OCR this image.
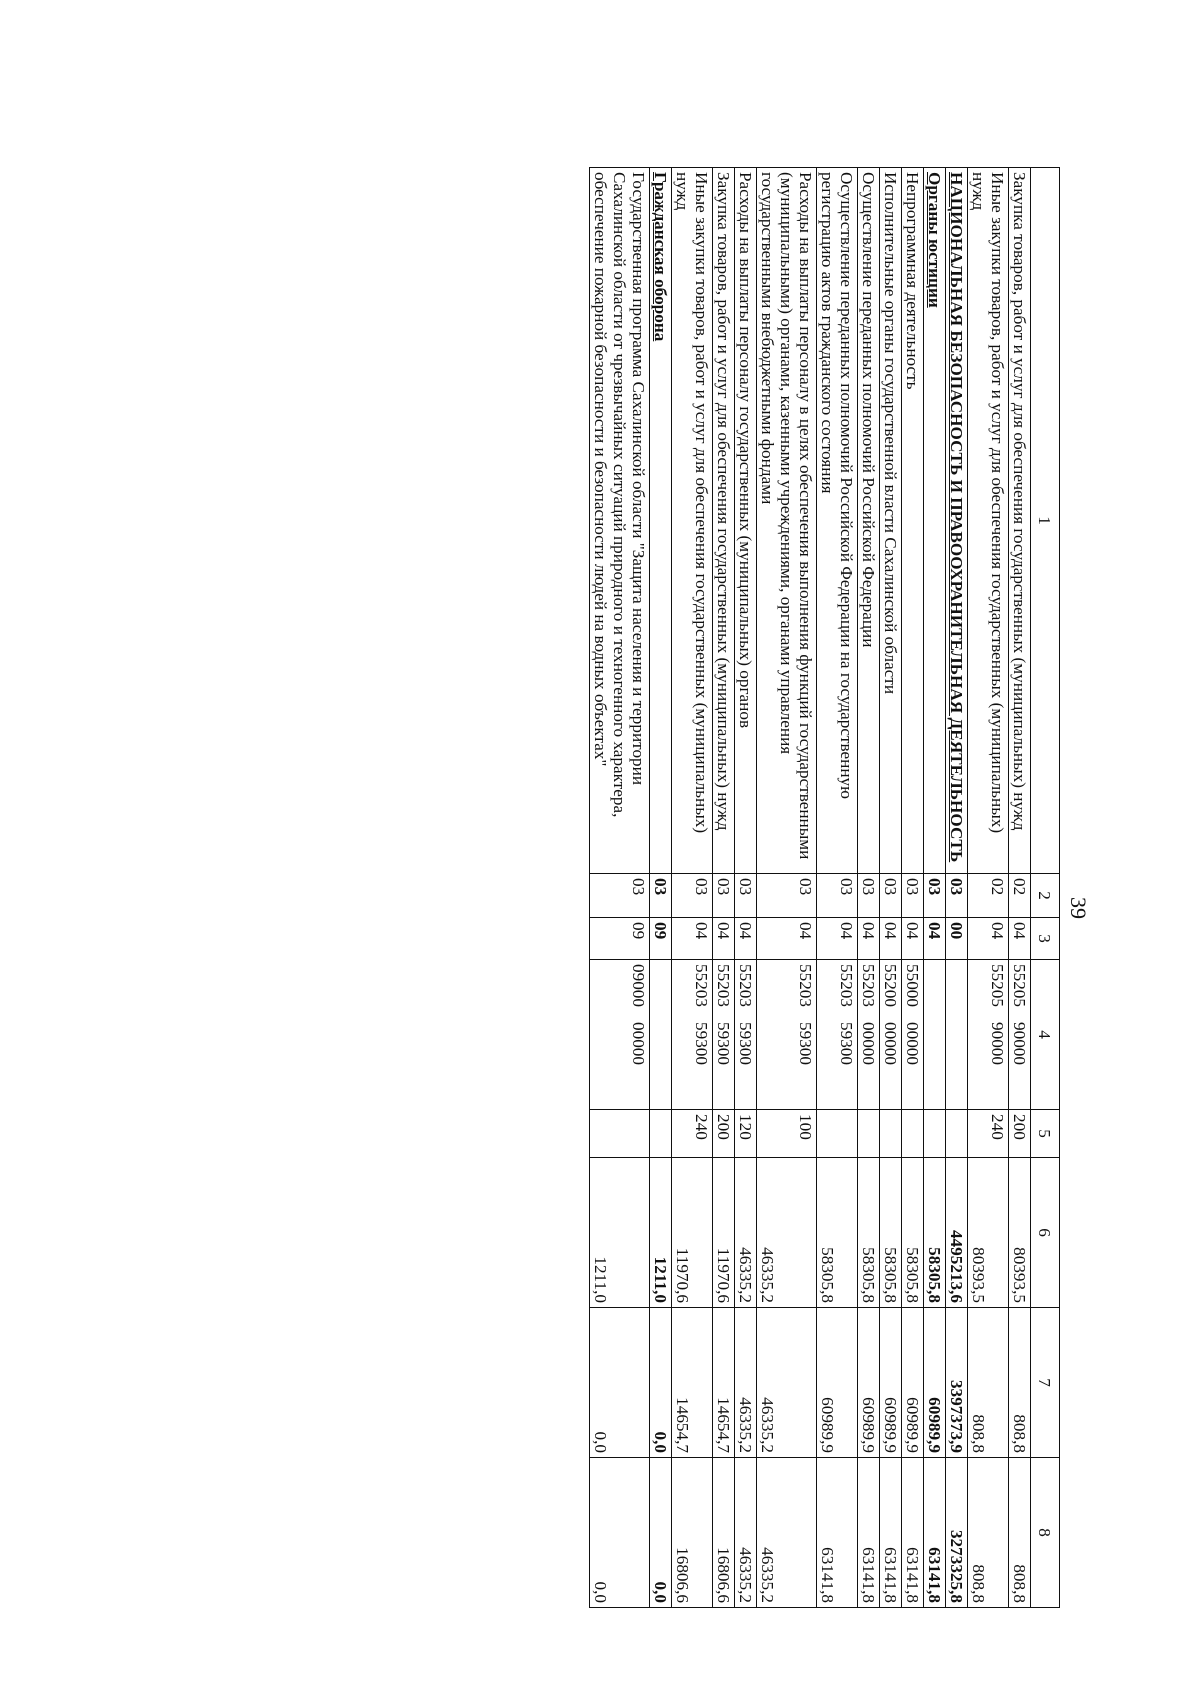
39
1	2	3	4	5	6	7	8
Закупка товаров, работ и услуг для обеспечения государственных (муниципальных) нужд	02	04	5520590000	200	80393,5	808,8	808,8
Иные закупки товаров, работ и услуг для обеспечения государственных (муниципальных) нужд	02	04	5520590000	240	80393,5	808,8	808,8
НАЦИОНАЛЬНАЯ БЕЗОПАСНОСТЬ И ПРАВООХРАНИТЕЛЬНАЯ ДЕЯТЕЛЬНОСТЬ	03	00			4495213,6	3397373,9	3273325,8
Органы юстиции	03	04			58305,8	60989,9	63141,8
Непрограммная деятельность	03	04	5500000000		58305,8	60989,9	63141,8
Исполнительные органы государственной власти Сахалинской области	03	04	5520000000		58305,8	60989,9	63141,8
Осуществление переданных полномочий Российской Федерации	03	04	5520300000		58305,8	60989,9	63141,8
Осуществление переданных полномочий Российской Федерации на государственную регистрацию актов гражданского состояния	03	04	5520359300		58305,8	60989,9	63141,8
Расходы на выплаты персоналу в целях обеспечения выполнения функций государственными (муниципальными) органами, казенными учреждениями, органами управления государственными внебюджетными фондами	03	04	5520359300	100	46335,2	46335,2	46335,2
Расходы на выплаты персоналу государственных (муниципальных) органов	03	04	5520359300	120	46335,2	46335,2	46335,2
Закупка товаров, работ и услуг для обеспечения государственных (муниципальных) нужд	03	04	5520359300	200	11970,6	14654,7	16806,6
Иные закупки товаров, работ и услуг для обеспечения государственных (муниципальных) нужд	03	04	5520359300	240	11970,6	14654,7	16806,6
Гражданская оборона	03	09			1211,0	0,0	0,0
Государственная программа Сахалинской области "Защита населения и территории Сахалинской области от чрезвычайных ситуаций природного и техногенного характера, обеспечение пожарной безопасности и безопасности людей на водных объектах"	03	09	0900000000		1211,0	0,0	0,0
